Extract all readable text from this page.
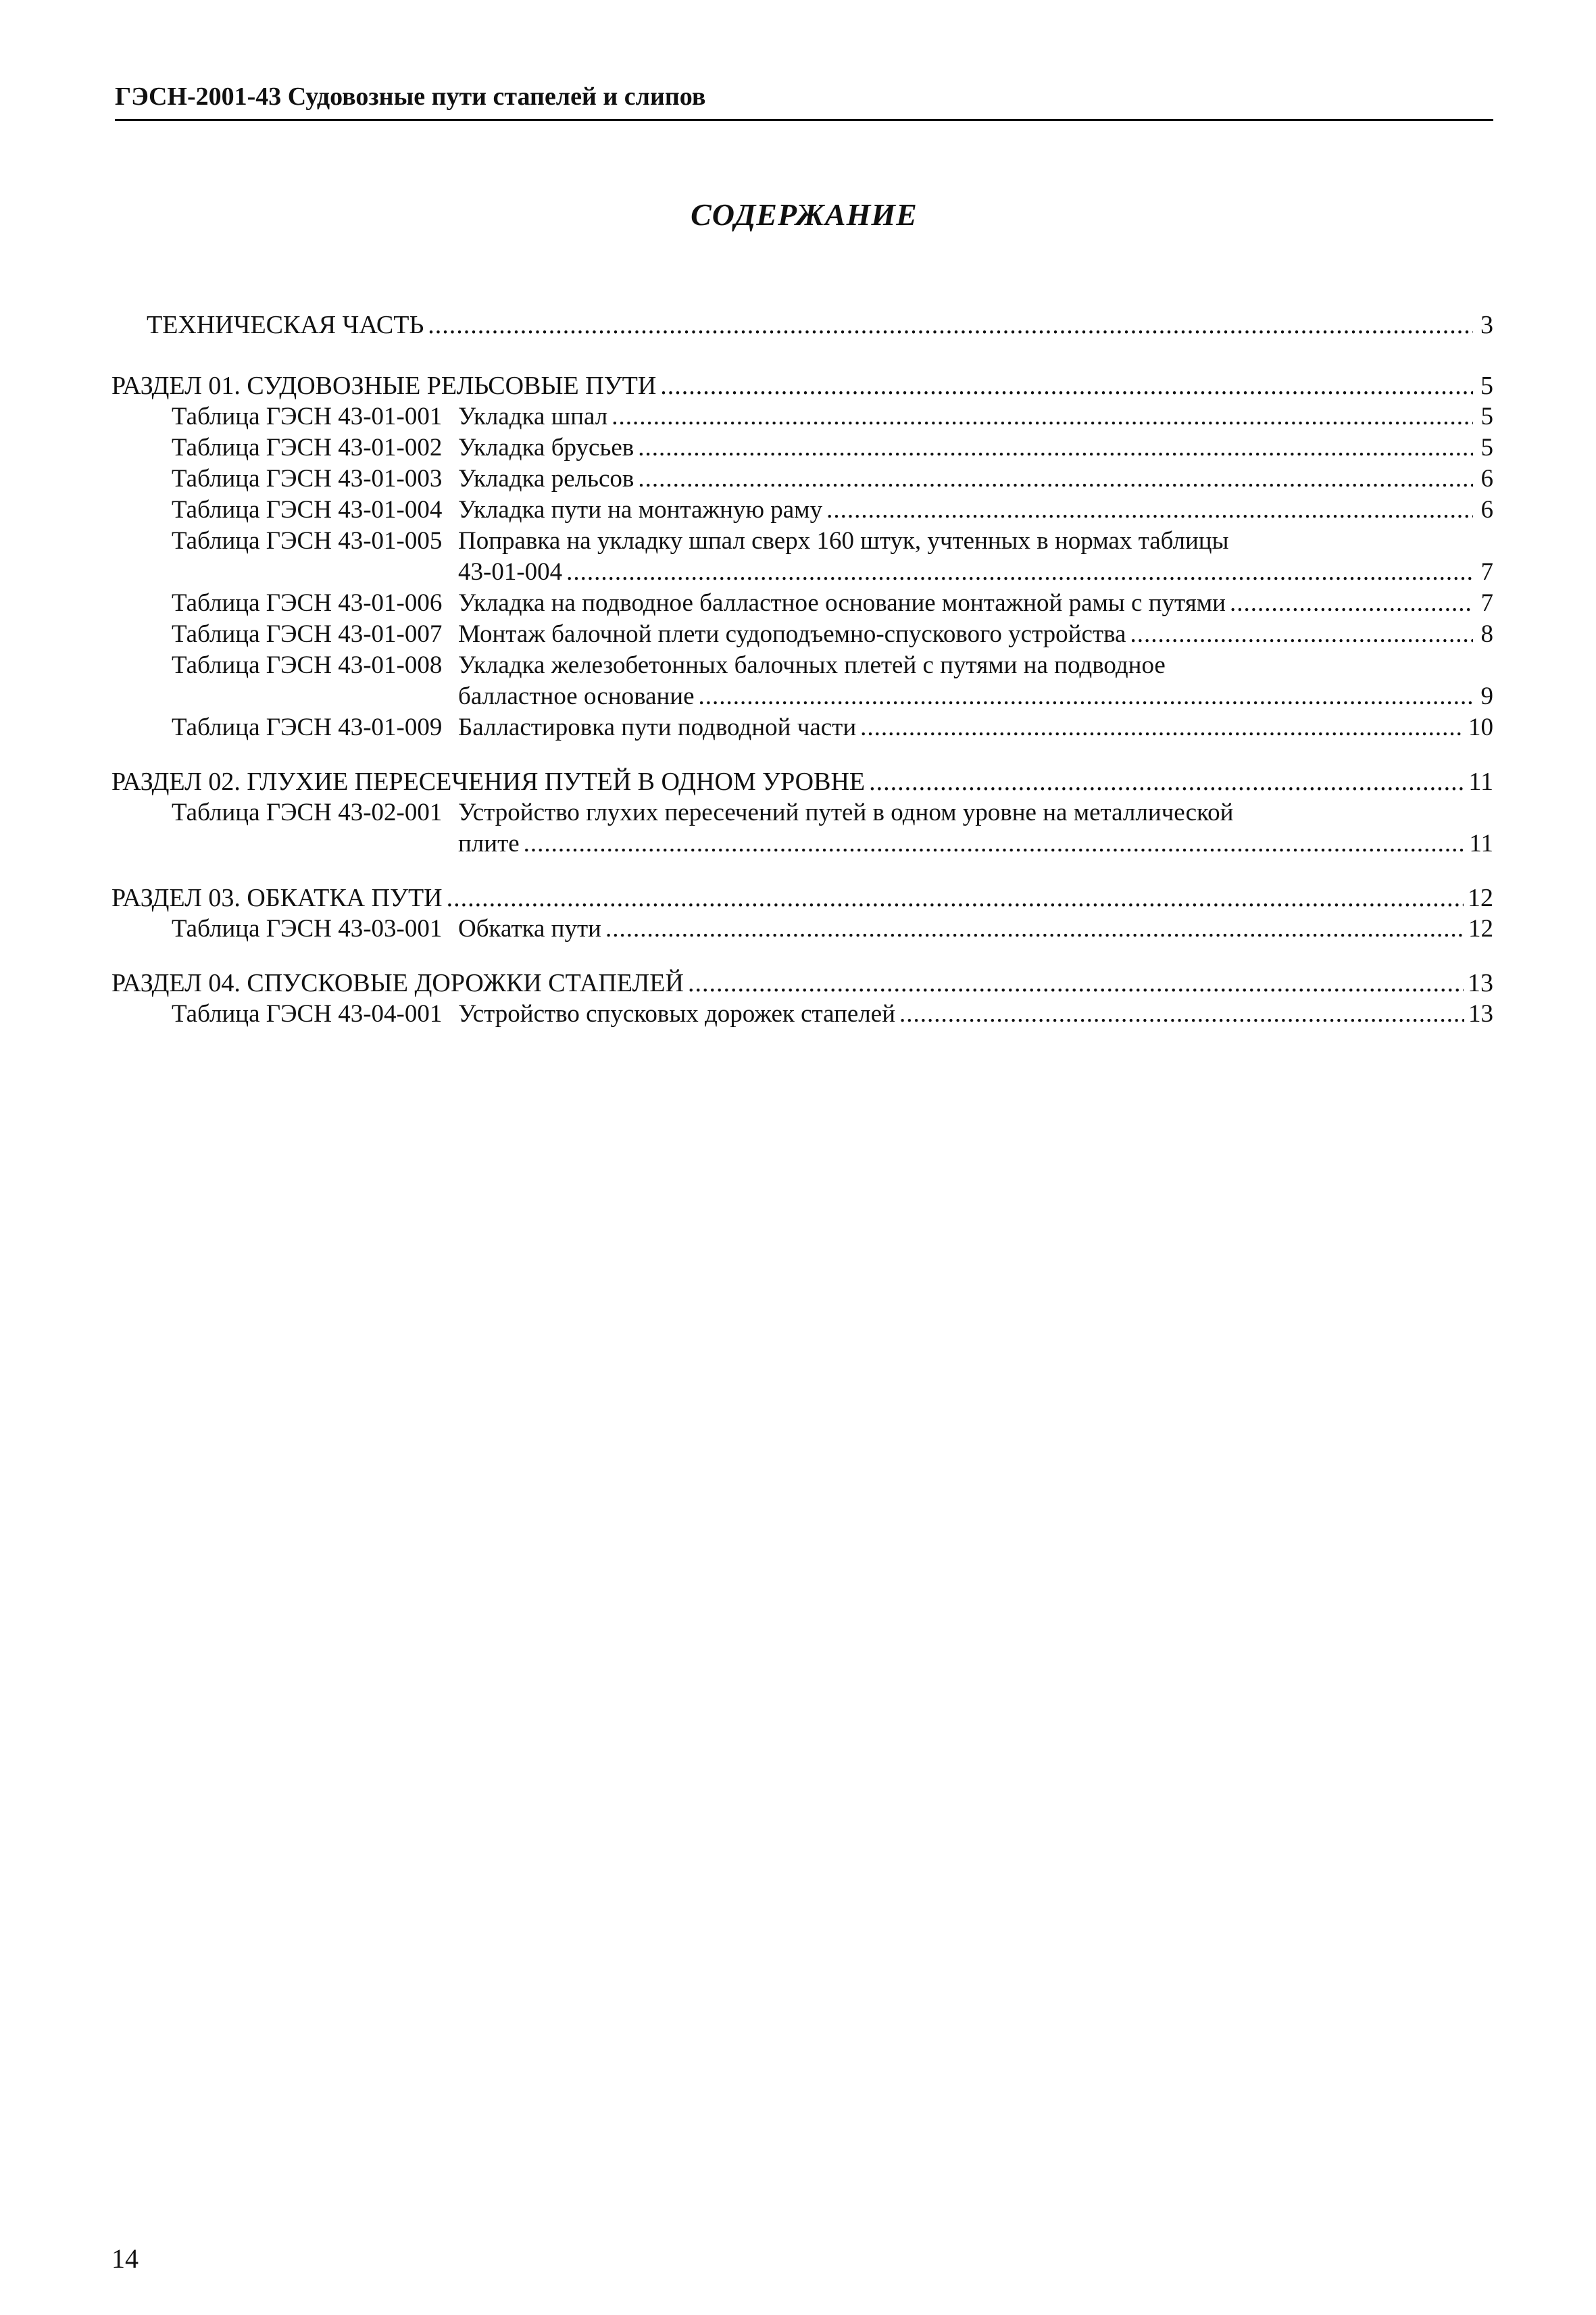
ГЭСН-2001-43 Судовозные пути стапелей и слипов
СОДЕРЖАНИЕ
ТЕХНИЧЕСКАЯ ЧАСТЬ .....	3
РАЗДЕЛ 01. СУДОВОЗНЫЕ РЕЛЬСОВЫЕ ПУТИ .....	5
Таблица ГЭСН 43-01-001 Укладка шпал .....	5
Таблица ГЭСН 43-01-002 Укладка брусьев .....	5
Таблица ГЭСН 43-01-003 Укладка рельсов .....	6
Таблица ГЭСН 43-01-004 Укладка пути на монтажную раму .....	6
Таблица ГЭСН 43-01-005 Поправка на укладку шпал сверх 160 штук, учтенных в нормах таблицы
43-01-004 .....	7
Таблица ГЭСН 43-01-006 Укладка на подводное балластное основание монтажной рамы с путями .....	7
Таблица ГЭСН 43-01-007 Монтаж балочной плети судоподъемно-спускового устройства .....	8
Таблица ГЭСН 43-01-008 Укладка железобетонных балочных плетей с путями на подводное
балластное основание .....	9
Таблица ГЭСН 43-01-009 Балластировка пути подводной части .....	10
РАЗДЕЛ 02. ГЛУХИЕ ПЕРЕСЕЧЕНИЯ ПУТЕЙ В ОДНОМ УРОВНЕ .....	11
Таблица ГЭСН 43-02-001 Устройство глухих пересечений путей в одном уровне на металлической
плите .....	11
РАЗДЕЛ 03. ОБКАТКА ПУТИ .....	12
Таблица ГЭСН 43-03-001 Обкатка пути .....	12
РАЗДЕЛ 04. СПУСКОВЫЕ ДОРОЖКИ СТАПЕЛЕЙ .....	13
Таблица ГЭСН 43-04-001 Устройство спусковых дорожек стапелей .....	13
14
